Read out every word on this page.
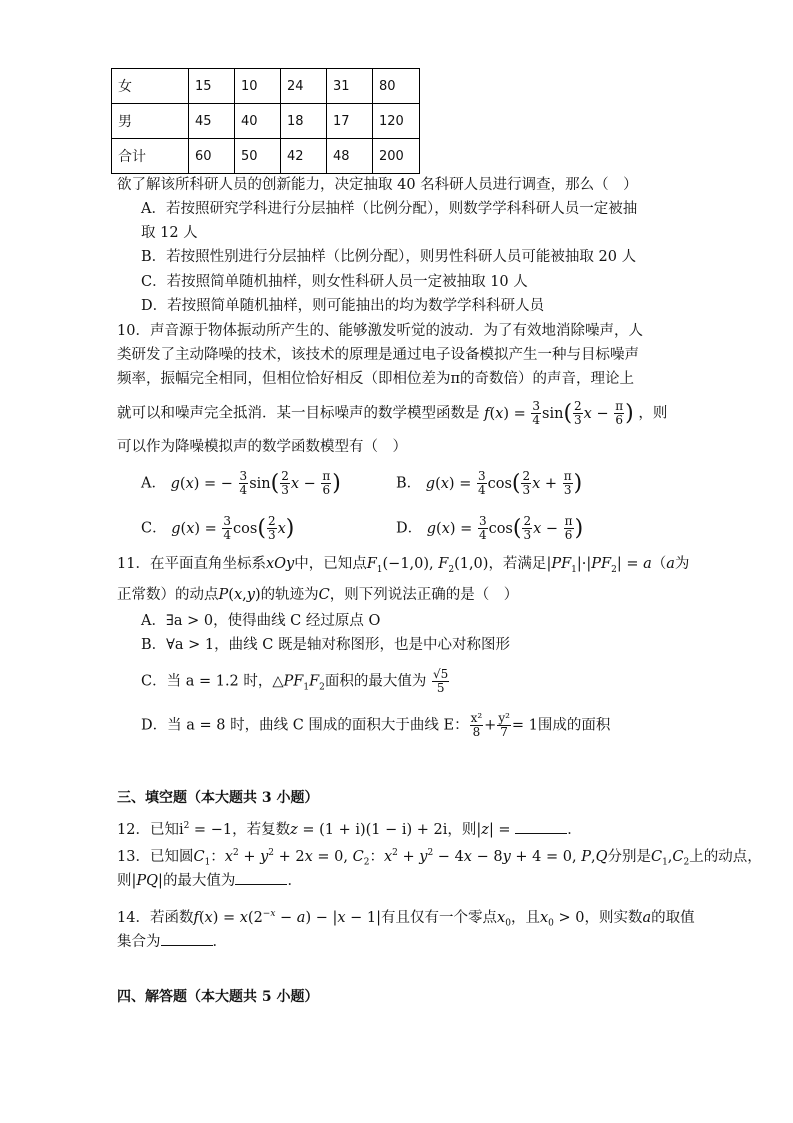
女	15	10	24	31	80
男	45	40	18	17	120
合计	60	50	42	48	200
欲了解该所科研人员的创新能力，决定抽取 40 名科研人员进行调查，那么（　）
A．若按照研究学科进行分层抽样（比例分配），则数学学科科研人员一定被抽
取 12 人
B．若按照性别进行分层抽样（比例分配），则男性科研人员可能被抽取 20 人
C．若按照简单随机抽样，则女性科研人员一定被抽取 10 人
D．若按照简单随机抽样，则可能抽出的均为数学学科科研人员
10．声音源于物体振动所产生的、能够激发听觉的波动．为了有效地消除噪声，人
类研发了主动降噪的技术，该技术的原理是通过电子设备模拟产生一种与目标噪声
频率，振幅完全相同，但相位恰好相反（即相位差为π的奇数倍）的声音，理论上
就可以和噪声完全抵消．某一目标噪声的数学模型函数是 $f(x) = \frac{3}{4} \sin( \frac{2}{3}$ $x - \frac{\pi}{6}$ ) ，则
可以作为降噪模拟声的数学函数模型有（　）
A． g(x) = − $\frac{3}{4} \sin( \frac{2}{3}$ $x - \frac{\pi}{6}$ )	B． $g(x) = \frac{3}{4} \cos( \frac{2}{3}$ $x + \frac{\pi}{3}$ )
C． $g(x) = \frac{3}{4} \cos( \frac{2}{3} x)$	D． $g(x) = \frac{3}{4} \cos( \frac{2}{3}$ $x - \frac{\pi}{6}$ )
11．在平面直角坐标系xOy中，已知点$F_1(-1,0)$, $F_2(1,0)$，若满足$|PF_1|\cdot|PF_2| = a(a$为
正常数）的动点P(x,y)的轨迹为C，则下列说法正确的是（　）
A．∃a > 0，使得曲线 C 经过原点 O
B．∀a > 1，曲线 C 既是轴对称图形，也是中心对称图形
C．当 a = 1.2 时，$\triangle PF_1F_2$面积的最大值为 $\frac{√5}{5}$
D．当 a = 8 时，曲线 C 围成的面积大于曲线 E： $\frac{\text{x²}}{8} + \frac{\text{y²}}{7} = 1$围成的面积
三、填空题（本大题共 3 小题）
12．已知$i^2 = -1$，若复数z = (1 + i)(1 − i) + 2i，则|z| =	．
13．已知圆$C_1$：$x^2 + y^2 + 2x = 0$, $C_2$：$x^2 + y^2 - 4x - 8y + 4 = 0$, P,Q分别是$C_1,C_2$上的动点，
则|PQ|的最大值为	．
14．若函数$f(x) = x(2^{-x} - a) - |x - 1|$有且仅有一个零点$x_0$，且$x_0 > 0$，则实数a的取值
集合为	．
四、解答题（本大题共 5 小题）
